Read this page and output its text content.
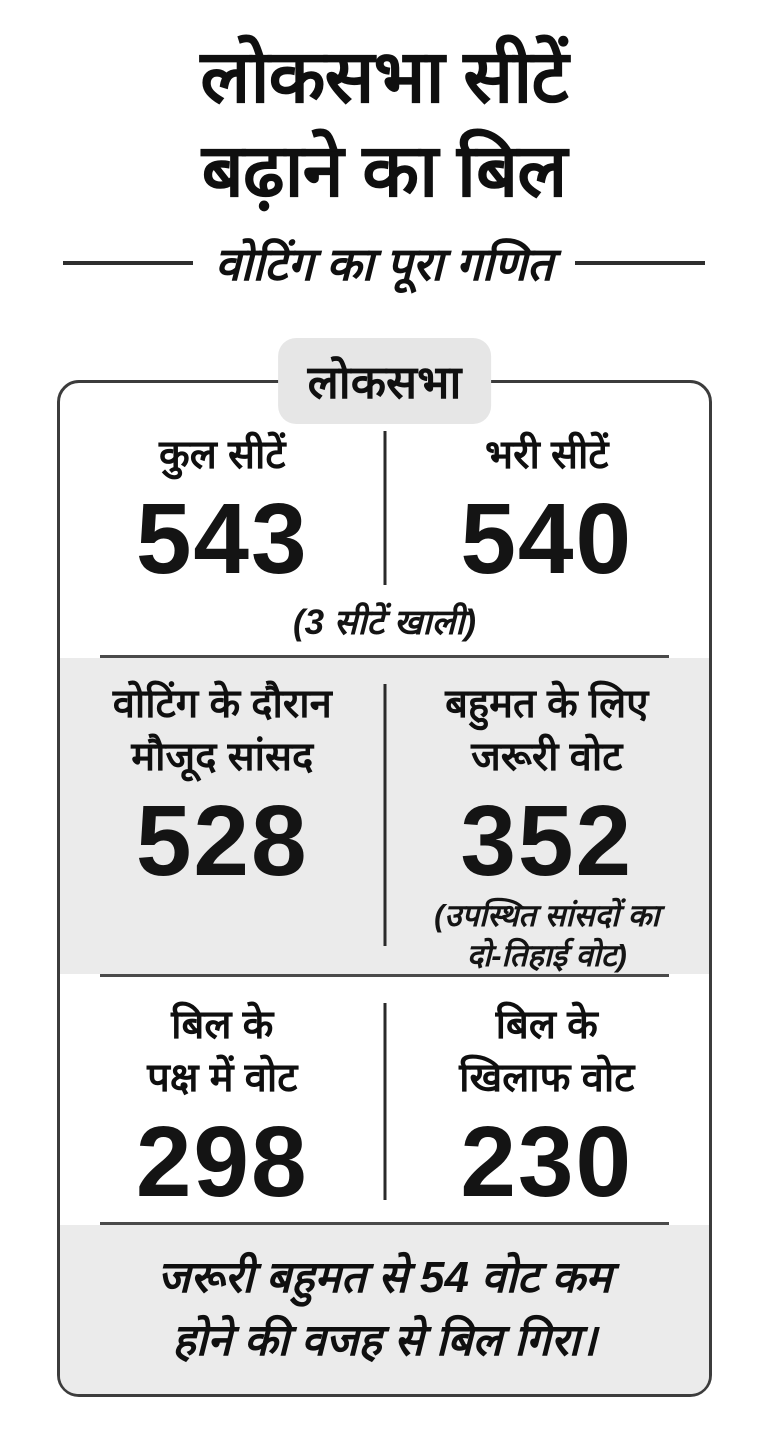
लोकसभा सीटें
बढ़ाने का बिल
वोटिंग का पूरा गणित
लोकसभा
कुल सीटें
543
भरी सीटें
540
(3 सीटें खाली)
वोटिंग के दौरान
मौजूद सांसद
528
बहुमत के लिए
जरूरी वोट
352
(उपस्थित सांसदों का
दो-तिहाई वोट)
बिल के
पक्ष में वोट
298
बिल के
खिलाफ वोट
230
जरूरी बहुमत से 54 वोट कम
होने की वजह से बिल गिरा।
